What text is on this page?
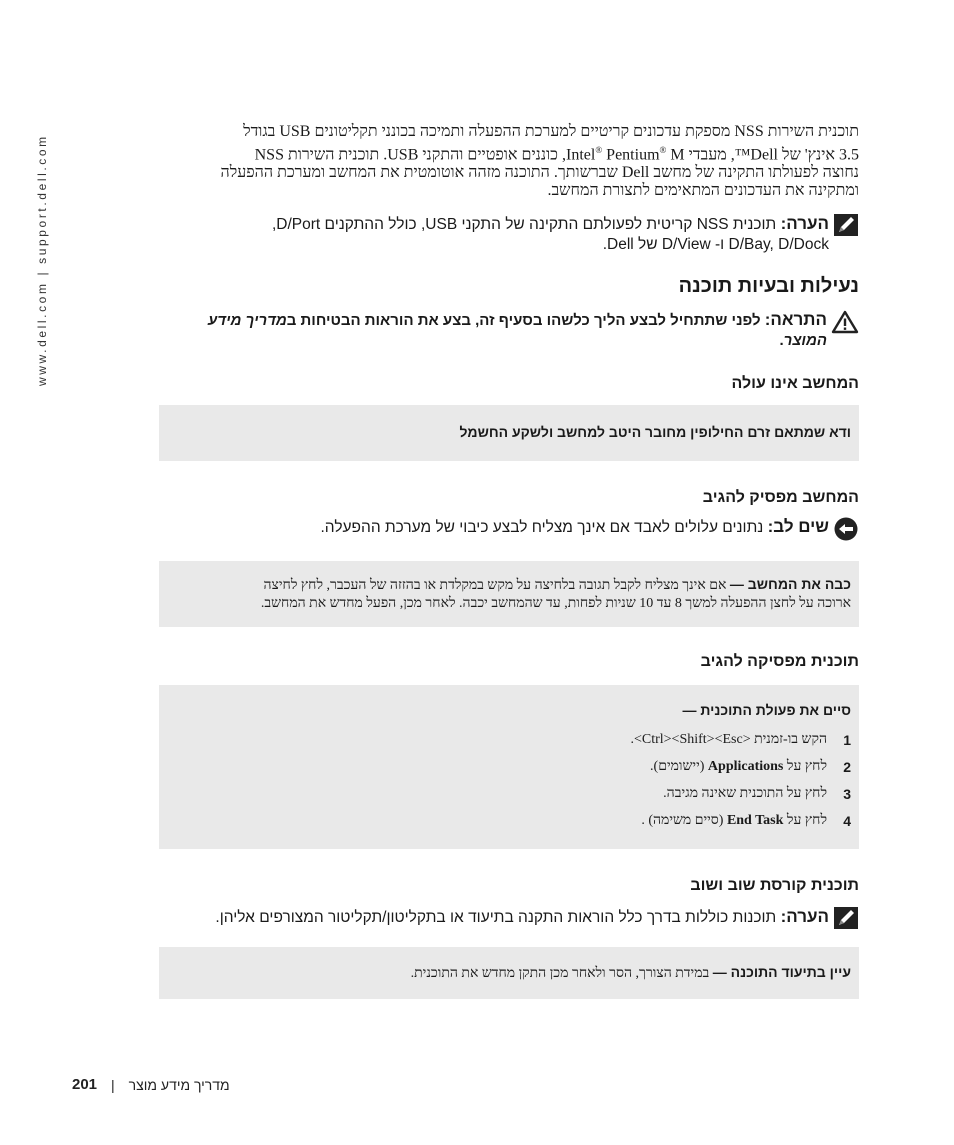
www.dell.com | support.dell.com

תוכנית השירות NSS מספקת עדכונים קריטיים למערכת ההפעלה ותמיכה בכונני תקליטונים USB בגודל
3.5 אינץ' של Dell™, מעבדי Intel® Pentium® M, כוננים אופטיים והתקני USB. תוכנית השירות NSS
נחוצה לפעולתו התקינה של מחשב Dell שברשותך. התוכנה מזהה אוטומטית את המחשב ומערכת ההפעלה
ומתקינה את העדכונים המתאימים לתצורת המחשב.

הערה: תוכנית NSS קריטית לפעולתם התקינה של התקני USB, כולל ההתקנים D/Port,
D/Bay, D/Dock ו- D/View של Dell.
נעילות ובעיות תוכנה
התראה: לפני שתתחיל לבצע הליך כלשהו בסעיף זה, בצע את הוראות הבטיחות במדריך מידע
המוצר.
המחשב אינו עולה
ודא שמתאם זרם החילופין מחובר היטב למחשב ולשקע החשמל
המחשב מפסיק להגיב
שים לב: נתונים עלולים לאבד אם אינך מצליח לבצע כיבוי של מערכת ההפעלה.
כבה את המחשב — אם אינך מצליח לקבל תגובה בלחיצה על מקש במקלדת או בהזזה של העכבר, לחץ לחיצה
ארוכה על לחצן ההפעלה למשך 8 עד 10 שניות לפחות, עד שהמחשב יכבה. לאחר מכן, הפעל מחדש את המחשב.
תוכנית מפסיקה להגיב
סיים את פעולת התוכנית —
1
הקש בו-זמנית <Ctrl><Shift><Esc>.
2
לחץ על Applications (יישומים).
3
לחץ על התוכנית שאינה מגיבה.
4
לחץ על End Task (סיים משימה) .
תוכנית קורסת שוב ושוב
הערה: תוכנות כוללות בדרך כלל הוראות התקנה בתיעוד או בתקליטון/תקליטור המצורפים אליהן.
עיין בתיעוד התוכנה — במידת הצורך, הסר ולאחר מכן התקן מחדש את התוכנית.
201 | מדריך מידע מוצר
